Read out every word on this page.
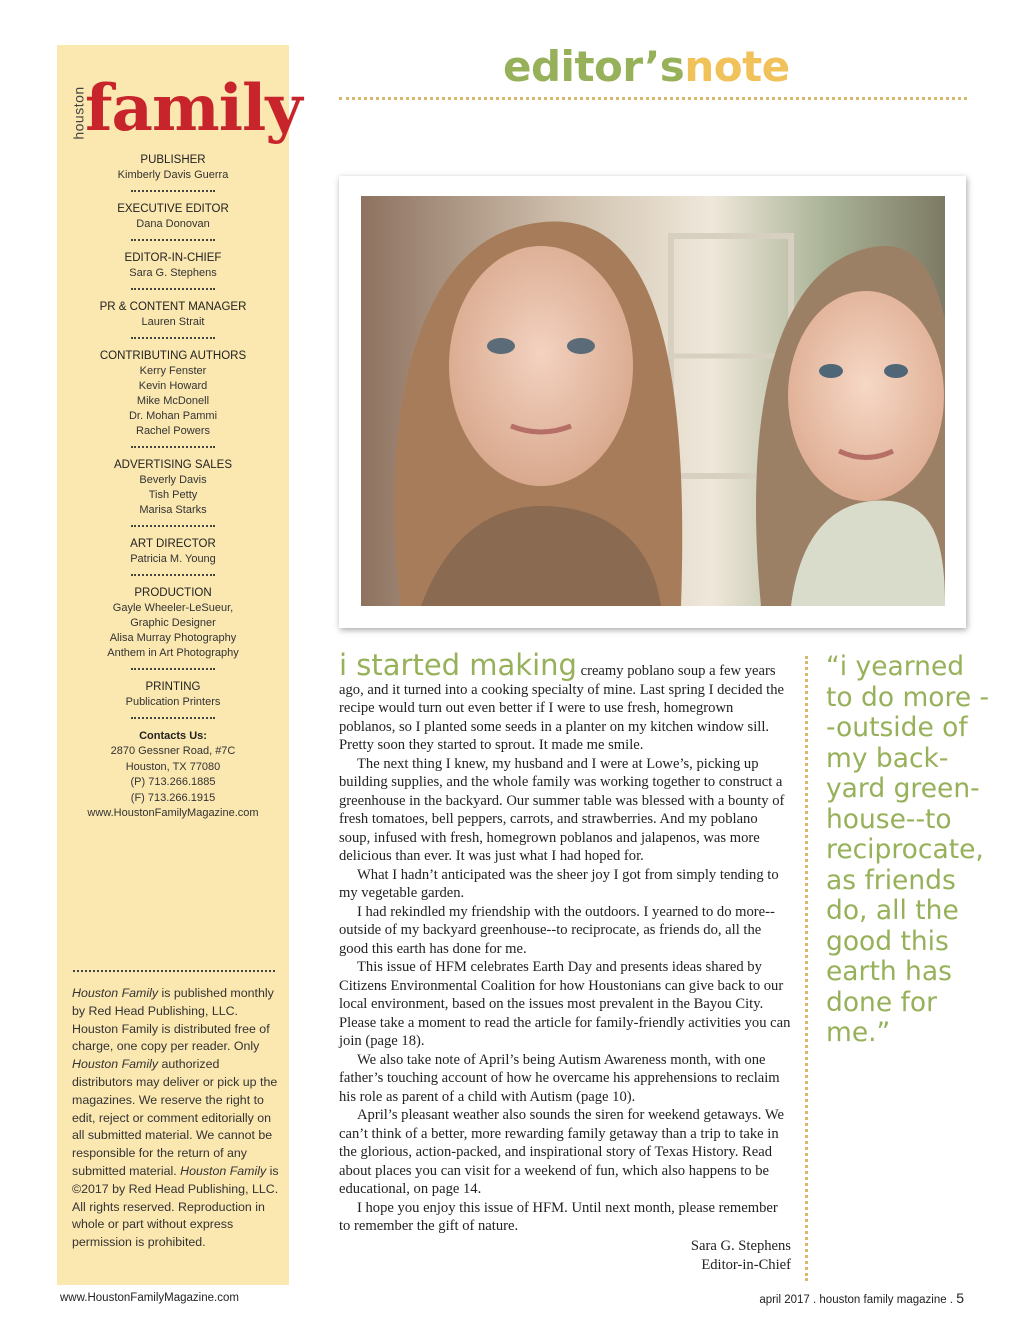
houston
family
PUBLISHER
Kimberly Davis Guerra
EXECUTIVE EDITOR
Dana Donovan
EDITOR-IN-CHIEF
Sara G. Stephens
PR & CONTENT MANAGER
Lauren Strait
CONTRIBUTING AUTHORS
Kerry Fenster
Kevin Howard
Mike McDonell
Dr. Mohan Pammi
Rachel Powers
ADVERTISING SALES
Beverly Davis
Tish Petty
Marisa Starks
ART DIRECTOR
Patricia M. Young
PRODUCTION
Gayle Wheeler-LeSueur,
Graphic Designer
Alisa Murray Photography
Anthem in Art Photography
PRINTING
Publication Printers
Contacts Us:
2870 Gessner Road, #7C
Houston, TX 77080
(P) 713.266.1885
(F) 713.266.1915
www.HoustonFamilyMagazine.com
Houston Family is published monthly by Red Head Publishing, LLC. Houston Family is distributed free of charge, one copy per reader. Only Houston Family authorized distributors may deliver or pick up the magazines. We reserve the right to edit, reject or comment editorially on all submitted material. We cannot be responsible for the return of any submitted material. Houston Family is ©2017 by Red Head Publishing, LLC. All rights reserved. Reproduction in whole or part without express permission is prohibited.
editor’snote

i started making creamy poblano soup a few years ago, and it turned into a cooking specialty of mine. Last spring I decided the recipe would turn out even better if I were to use fresh, homegrown poblanos, so I planted some seeds in a planter on my kitchen window sill. Pretty soon they started to sprout. It made me smile.

The next thing I knew, my husband and I were at Lowe’s, picking up building supplies, and the whole family was working together to construct a greenhouse in the backyard. Our summer table was blessed with a bounty of fresh tomatoes, bell peppers, carrots, and strawberries. And my poblano soup, infused with fresh, homegrown poblanos and jalapenos, was more delicious than ever. It was just what I had hoped for.

What I hadn’t anticipated was the sheer joy I got from simply tending to my vegetable garden.

I had rekindled my friendship with the outdoors. I yearned to do more--outside of my backyard greenhouse--to reciprocate, as friends do, all the good this earth has done for me.

This issue of HFM celebrates Earth Day and presents ideas shared by Citizens Environmental Coalition for how Houstonians can give back to our local environment, based on the issues most prevalent in the Bayou City. Please take a moment to read the article for family-friendly activities you can join (page 18).

We also take note of April’s being Autism Awareness month, with one father’s touching account of how he overcame his apprehensions to reclaim his role as parent of a child with Autism (page 10).

April’s pleasant weather also sounds the siren for weekend getaways. We can’t think of a better, more rewarding family getaway than a trip to take in the glorious, action-packed, and inspirational story of Texas History. Read about places you can visit for a weekend of fun, which also happens to be educational, on page 14.

I hope you enjoy this issue of HFM. Until next month, please remember to remember the gift of nature.

Sara G. Stephens
Editor-in-Chief
“i yearned to do more --outside of my back-yard green-house--to reciprocate, as friends do, all the good this earth has done for me.”
www.HoustonFamilyMagazine.com	april 2017 . houston family magazine . 5
